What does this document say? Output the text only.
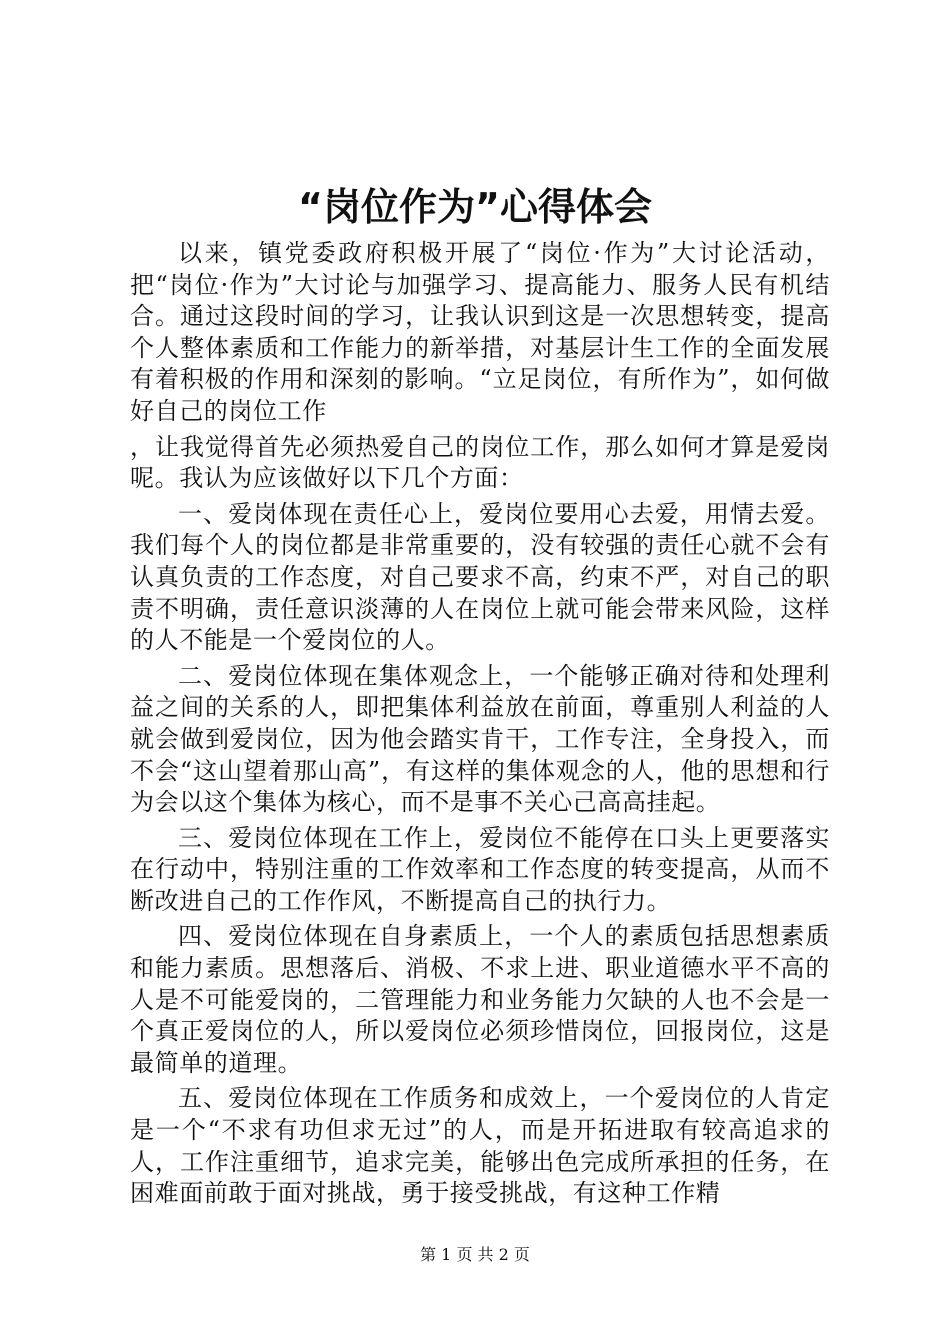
“岗位作为”心得体会

以来，镇党委政府积极开展了“岗位·作为”大讨论活动，把“岗位·作为”大讨论与加强学习、提高能力、服务人民有机结合。通过这段时间的学习，让我认识到这是一次思想转变，提高个人整体素质和工作能力的新举措，对基层计生工作的全面发展有着积极的作用和深刻的影响。“立足岗位，有所作为”，如何做好自己的岗位工作

，让我觉得首先必须热爱自己的岗位工作，那么如何才算是爱岗呢。我认为应该做好以下几个方面：

一、爱岗体现在责任心上，爱岗位要用心去爱，用情去爱。我们每个人的岗位都是非常重要的，没有较强的责任心就不会有认真负责的工作态度，对自己要求不高，约束不严，对自己的职责不明确，责任意识淡薄的人在岗位上就可能会带来风险，这样的人不能是一个爱岗位的人。

二、爱岗位体现在集体观念上，一个能够正确对待和处理利益之间的关系的人，即把集体利益放在前面，尊重别人利益的人就会做到爱岗位，因为他会踏实肯干，工作专注，全身投入，而不会“这山望着那山高”，有这样的集体观念的人，他的思想和行为会以这个集体为核心，而不是事不关心己高高挂起。

三、爱岗位体现在工作上，爱岗位不能停在口头上更要落实在行动中，特别注重的工作效率和工作态度的转变提高，从而不断改进自己的工作作风，不断提高自己的执行力。

四、爱岗位体现在自身素质上，一个人的素质包括思想素质和能力素质。思想落后、消极、不求上进、职业道德水平不高的人是不可能爱岗的，二管理能力和业务能力欠缺的人也不会是一个真正爱岗位的人，所以爱岗位必须珍惜岗位，回报岗位，这是最简单的道理。

五、爱岗位体现在工作质务和成效上，一个爱岗位的人肯定是一个“不求有功但求无过”的人，而是开拓进取有较高追求的人，工作注重细节，追求完美，能够出色完成所承担的任务，在困难面前敢于面对挑战，勇于接受挑战，有这种工作精

第 1 页 共 2 页
